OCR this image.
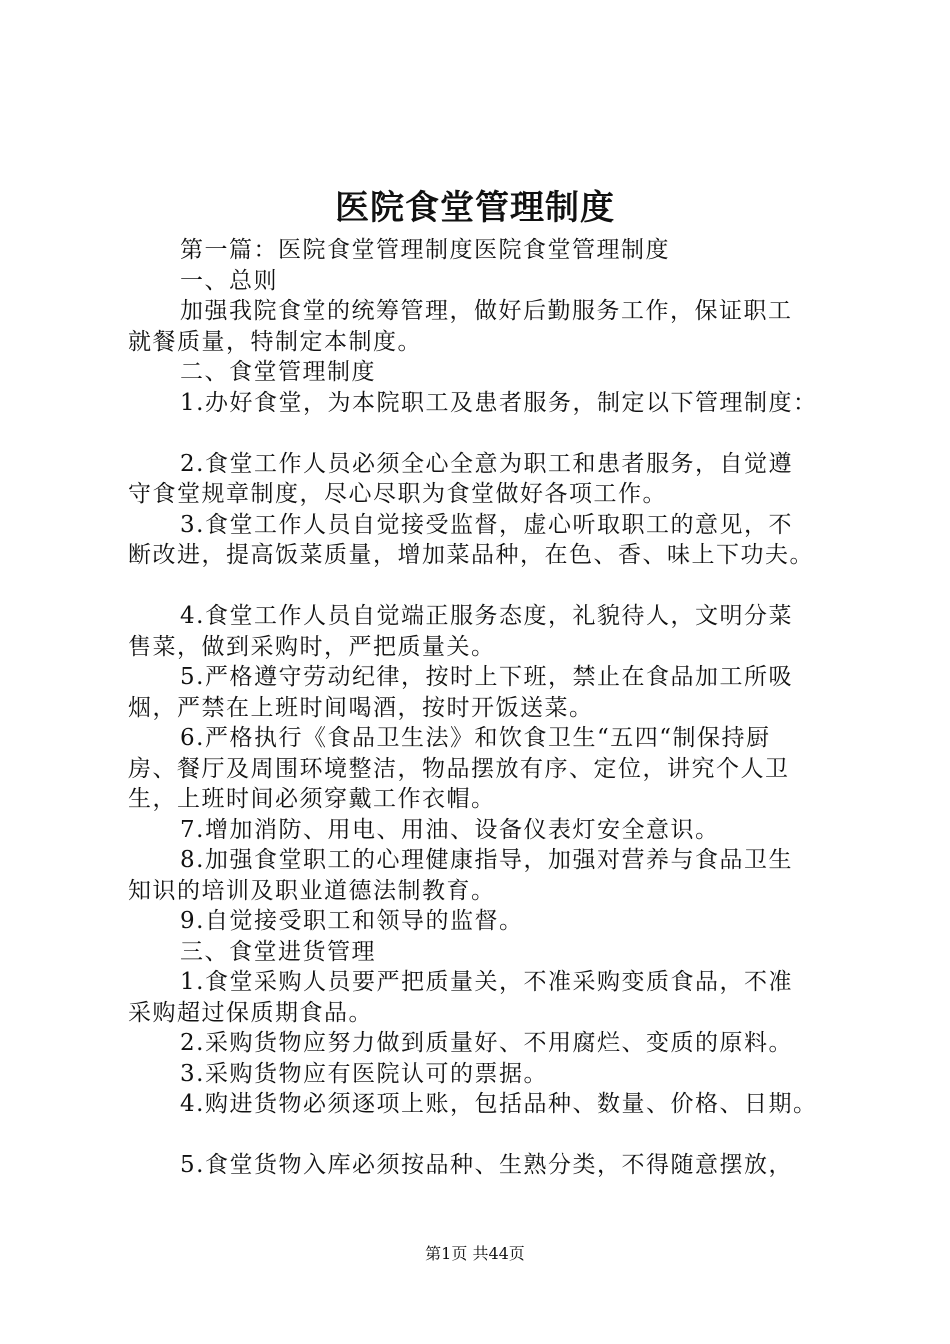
医院食堂管理制度
第一篇：医院食堂管理制度医院食堂管理制度
一、总则
加强我院食堂的统筹管理，做好后勤服务工作，保证职工
就餐质量，特制定本制度。
二、食堂管理制度
1.办好食堂，为本院职工及患者服务，制定以下管理制度：
2.食堂工作人员必须全心全意为职工和患者服务，自觉遵
守食堂规章制度，尽心尽职为食堂做好各项工作。
3.食堂工作人员自觉接受监督，虚心听取职工的意见，不
断改进，提高饭菜质量，增加菜品种，在色、香、味上下功夫。
4.食堂工作人员自觉端正服务态度，礼貌待人，文明分菜
售菜，做到采购时，严把质量关。
5.严格遵守劳动纪律，按时上下班，禁止在食品加工所吸
烟，严禁在上班时间喝酒，按时开饭送菜。
6.严格执行《食品卫生法》和饮食卫生“五四“制保持厨
房、餐厅及周围环境整洁，物品摆放有序、定位，讲究个人卫
生，上班时间必须穿戴工作衣帽。
7.增加消防、用电、用油、设备仪表灯安全意识。
8.加强食堂职工的心理健康指导，加强对营养与食品卫生
知识的培训及职业道德法制教育。
9.自觉接受职工和领导的监督。
三、食堂进货管理
1.食堂采购人员要严把质量关，不准采购变质食品，不准
采购超过保质期食品。
2.采购货物应努力做到质量好、不用腐烂、变质的原料。
3.采购货物应有医院认可的票据。
4.购进货物必须逐项上账，包括品种、数量、价格、日期。
5.食堂货物入库必须按品种、生熟分类，不得随意摆放，
第1页 共44页
